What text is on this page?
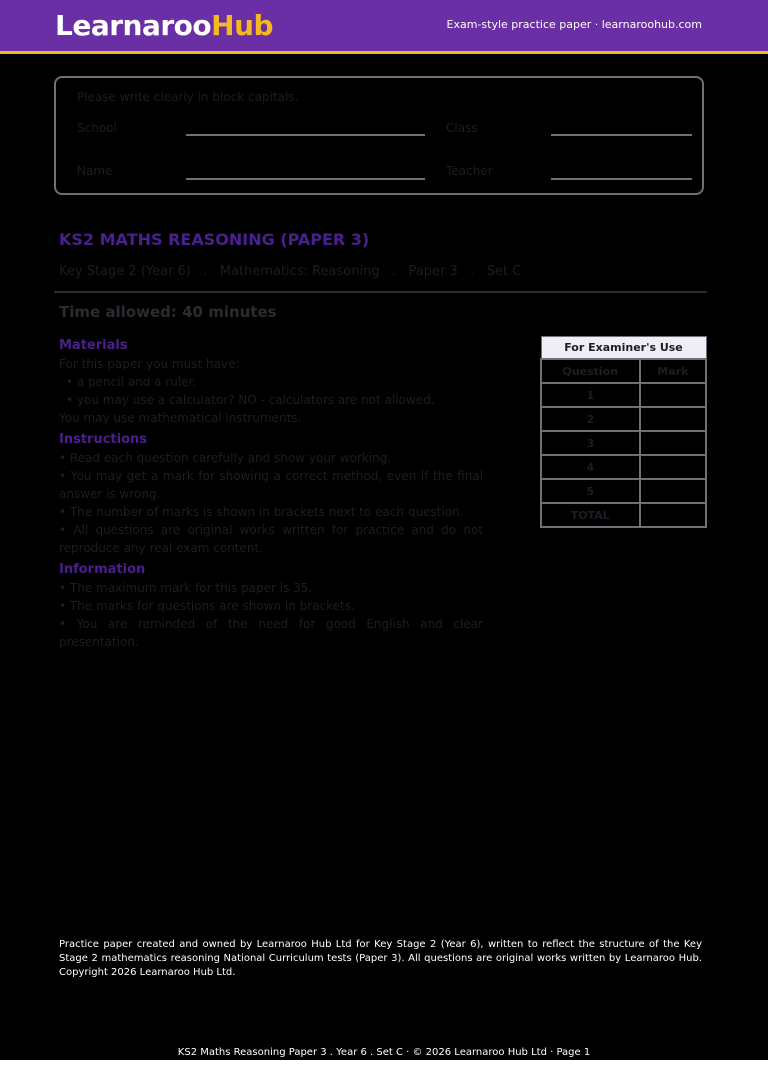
LearnarooHub	Exam-style practice paper · learnaroohub.com
Please write clearly in block capitals.
School	Class
Name	Teacher
KS2 MATHS REASONING (PAPER 3)
Key Stage 2 (Year 6)   .   Mathematics: Reasoning   .   Paper 3   .   Set C
Time allowed: 40 minutes
Materials

For this paper you must have:

• a pencil and a ruler.
• you may use a calculator? NO - calculators are not allowed.

You may use mathematical instruments.

Instructions
• Read each question carefully and show your working.
• You may get a mark for showing a correct method, even if the final answer is wrong.
• The number of marks is shown in brackets next to each question.
• All questions are original works written for practice and do not reproduce any real exam content.
Information
• The maximum mark for this paper is 35.
• The marks for questions are shown in brackets.
• You are reminded of the need for good English and clear presentation.
For Examiner's Use	
Question	Mark
1	
2	
3	
4	
5	
TOTAL	
Practice paper created and owned by Learnaroo Hub Ltd for Key Stage 2 (Year 6), written to reflect the structure of the Key Stage 2 mathematics reasoning National Curriculum tests (Paper 3). All questions are original works written by Learnaroo Hub. Copyright 2026 Learnaroo Hub Ltd.
KS2 Maths Reasoning Paper 3 . Year 6 . Set C · © 2026 Learnaroo Hub Ltd · Page 1
